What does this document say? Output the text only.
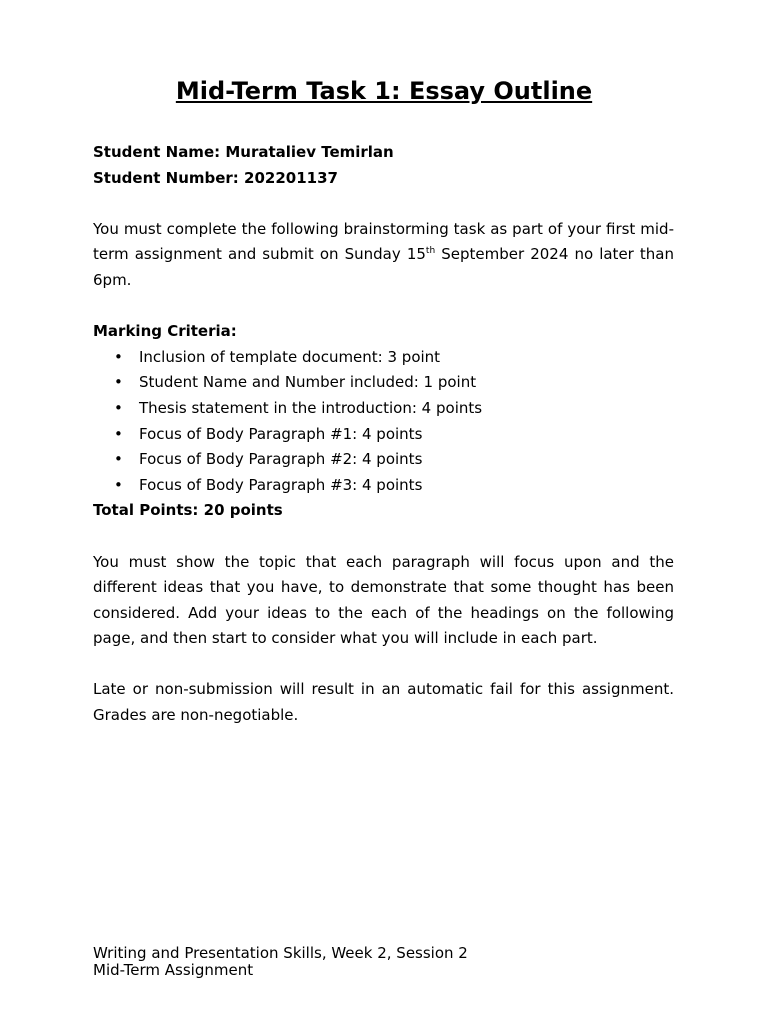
Mid-Term Task 1: Essay Outline
Student Name: Murataliev Temirlan
Student Number: 202201137

You must complete the following brainstorming task as part of your first mid-term assignment and submit on Sunday 15th September 2024 no later than 6pm.

Marking Criteria:
• Inclusion of template document: 3 point
• Student Name and Number included: 1 point
• Thesis statement in the introduction: 4 points
• Focus of Body Paragraph #1: 4 points
• Focus of Body Paragraph #2: 4 points
• Focus of Body Paragraph #3: 4 points
Total Points: 20 points

You must show the topic that each paragraph will focus upon and the different ideas that you have, to demonstrate that some thought has been considered. Add your ideas to the each of the headings on the following page, and then start to consider what you will include in each part.

Late or non-submission will result in an automatic fail for this assignment. Grades are non-negotiable.

Writing and Presentation Skills, Week 2, Session 2
Mid-Term Assignment
